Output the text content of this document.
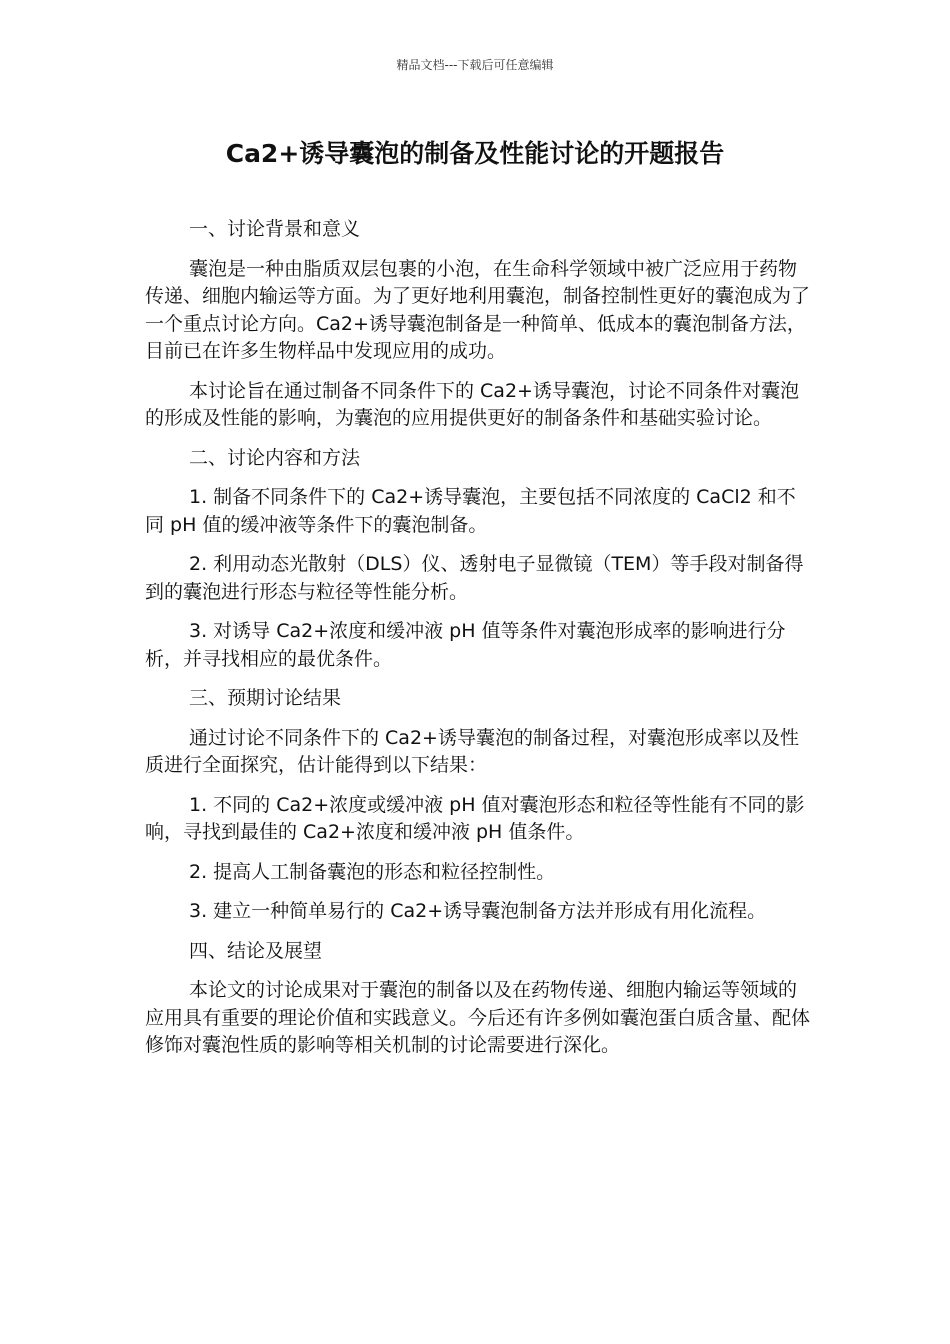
精品文档---下载后可任意编辑
Ca2+诱导囊泡的制备及性能讨论的开题报告

一、讨论背景和意义

囊泡是一种由脂质双层包裹的小泡，在生命科学领域中被广泛应用于药物传递、细胞内输运等方面。为了更好地利用囊泡，制备控制性更好的囊泡成为了一个重点讨论方向。Ca2+诱导囊泡制备是一种简单、低成本的囊泡制备方法，目前已在许多生物样品中发现应用的成功。

本讨论旨在通过制备不同条件下的 Ca2+诱导囊泡，讨论不同条件对囊泡的形成及性能的影响，为囊泡的应用提供更好的制备条件和基础实验讨论。

二、讨论内容和方法

1. 制备不同条件下的 Ca2+诱导囊泡，主要包括不同浓度的 CaCl2 和不同 pH 值的缓冲液等条件下的囊泡制备。

2. 利用动态光散射（DLS）仪、透射电子显微镜（TEM）等手段对制备得到的囊泡进行形态与粒径等性能分析。

3. 对诱导 Ca2+浓度和缓冲液 pH 值等条件对囊泡形成率的影响进行分析，并寻找相应的最优条件。

三、预期讨论结果

通过讨论不同条件下的 Ca2+诱导囊泡的制备过程，对囊泡形成率以及性质进行全面探究，估计能得到以下结果：

1. 不同的 Ca2+浓度或缓冲液 pH 值对囊泡形态和粒径等性能有不同的影响，寻找到最佳的 Ca2+浓度和缓冲液 pH 值条件。

2. 提高人工制备囊泡的形态和粒径控制性。

3. 建立一种简单易行的 Ca2+诱导囊泡制备方法并形成有用化流程。

四、结论及展望

本论文的讨论成果对于囊泡的制备以及在药物传递、细胞内输运等领域的应用具有重要的理论价值和实践意义。今后还有许多例如囊泡蛋白质含量、配体修饰对囊泡性质的影响等相关机制的讨论需要进行深化。
